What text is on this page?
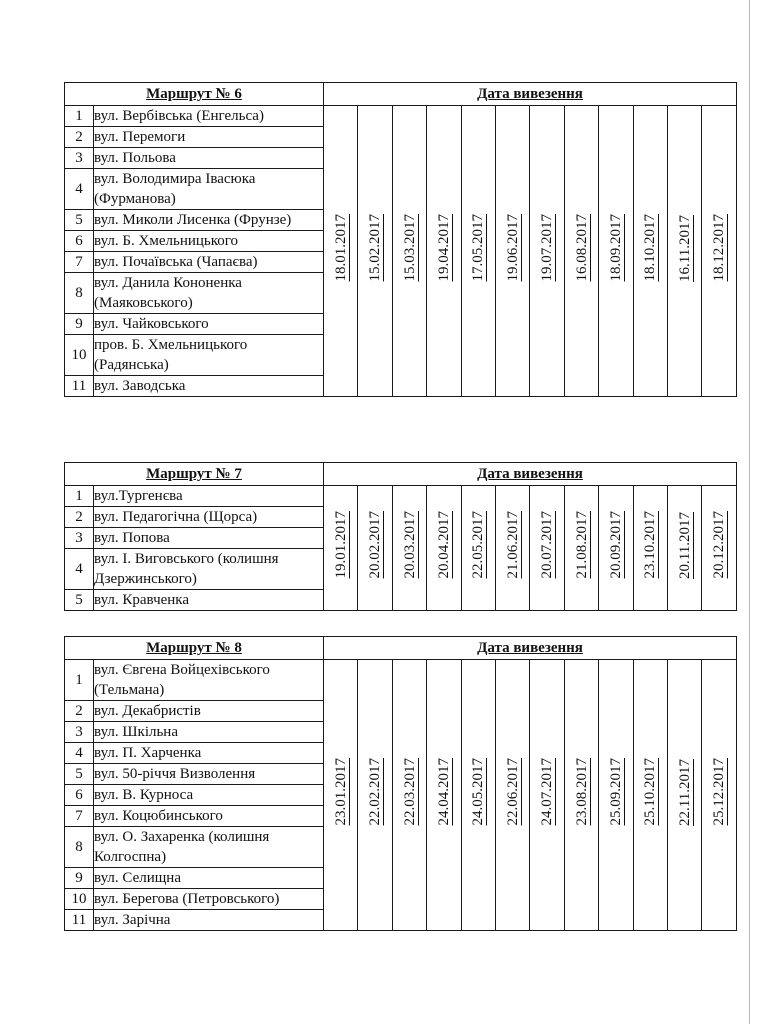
Маршрут № 6		Дата вивезення											
1	вул. Вербівська (Енгельса)	18.01.2017	15.02.2017	15.03.2017	19.04.2017	17.05.2017	19.06.2017	19.07.2017	16.08.2017	18.09.2017	18.10.2017	16.11.2017	18.12.2017
2	вул. Перемоги												
3	вул. Польова												
4	вул. Володимира Івасюка (Фурманова)												
5	вул. Миколи Лисенка (Фрунзе)												
6	вул. Б. Хмельницького												
7	вул. Почаївська (Чапаєва)												
8	вул. Данила Кононенка (Маяковського)												
9	вул. Чайковського												
10	пров. Б. Хмельницького (Радянська)												
11	вул. Заводська												
Маршрут № 7		Дата вивезення											
1	вул.Тургенєва	19.01.2017	20.02.2017	20.03.2017	20.04.2017	22.05.2017	21.06.2017	20.07.2017	21.08.2017	20.09.2017	23.10.2017	20.11.2017	20.12.2017
2	вул. Педагогічна (Щорса)												
3	вул. Попова												
4	вул. І. Виговського (колишня Дзержинського)												
5	вул. Кравченка												
Маршрут № 8		Дата вивезення											
1	вул. Євгена Войцехівського (Тельмана)	23.01.2017	22.02.2017	22.03.2017	24.04.2017	24.05.2017	22.06.2017	24.07.2017	23.08.2017	25.09.2017	25.10.2017	22.11.2017	25.12.2017
2	вул. Декабристів												
3	вул. Шкільна												
4	вул. П. Харченка												
5	вул. 50-річчя Визволення												
6	вул. В. Курноса												
7	вул. Коцюбинського												
8	вул. О. Захаренка (колишня Колгоспна)												
9	вул. Селищна												
10	вул. Берегова (Петровського)												
11	вул. Зарічна												
